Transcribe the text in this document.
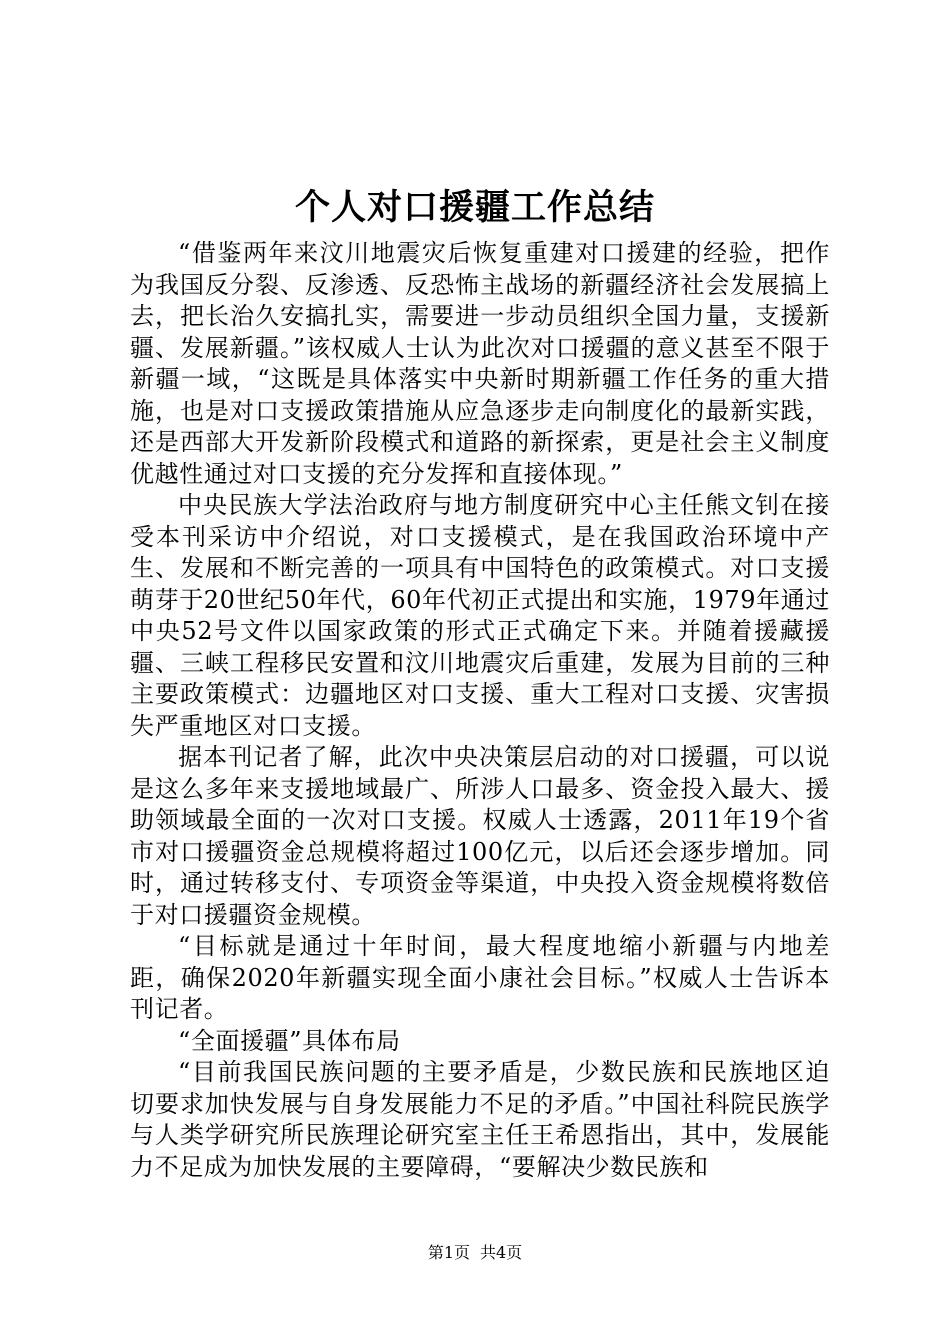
个人对口援疆工作总结

“借鉴两年来汶川地震灾后恢复重建对口援建的经验，把作为我国反分裂、反渗透、反恐怖主战场的新疆经济社会发展搞上去，把长治久安搞扎实，需要进一步动员组织全国力量，支援新疆、发展新疆。”该权威人士认为此次对口援疆的意义甚至不限于新疆一域，“这既是具体落实中央新时期新疆工作任务的重大措施，也是对口支援政策措施从应急逐步走向制度化的最新实践，还是西部大开发新阶段模式和道路的新探索，更是社会主义制度优越性通过对口支援的充分发挥和直接体现。”

中央民族大学法治政府与地方制度研究中心主任熊文钊在接受本刊采访中介绍说，对口支援模式，是在我国政治环境中产生、发展和不断完善的一项具有中国特色的政策模式。对口支援萌芽于20世纪50年代，60年代初正式提出和实施，1979年通过中央52号文件以国家政策的形式正式确定下来。并随着援藏援疆、三峡工程移民安置和汶川地震灾后重建，发展为目前的三种主要政策模式：边疆地区对口支援、重大工程对口支援、灾害损失严重地区对口支援。

据本刊记者了解，此次中央决策层启动的对口援疆，可以说是这么多年来支援地域最广、所涉人口最多、资金投入最大、援助领域最全面的一次对口支援。权威人士透露，2011年19个省市对口援疆资金总规模将超过100亿元，以后还会逐步增加。同时，通过转移支付、专项资金等渠道，中央投入资金规模将数倍于对口援疆资金规模。

“目标就是通过十年时间，最大程度地缩小新疆与内地差距，确保2020年新疆实现全面小康社会目标。”权威人士告诉本刊记者。

“全面援疆”具体布局

“目前我国民族问题的主要矛盾是，少数民族和民族地区迫切要求加快发展与自身发展能力不足的矛盾。”中国社科院民族学与人类学研究所民族理论研究室主任王希恩指出，其中，发展能力不足成为加快发展的主要障碍，“要解决少数民族和

第1页 共4页
